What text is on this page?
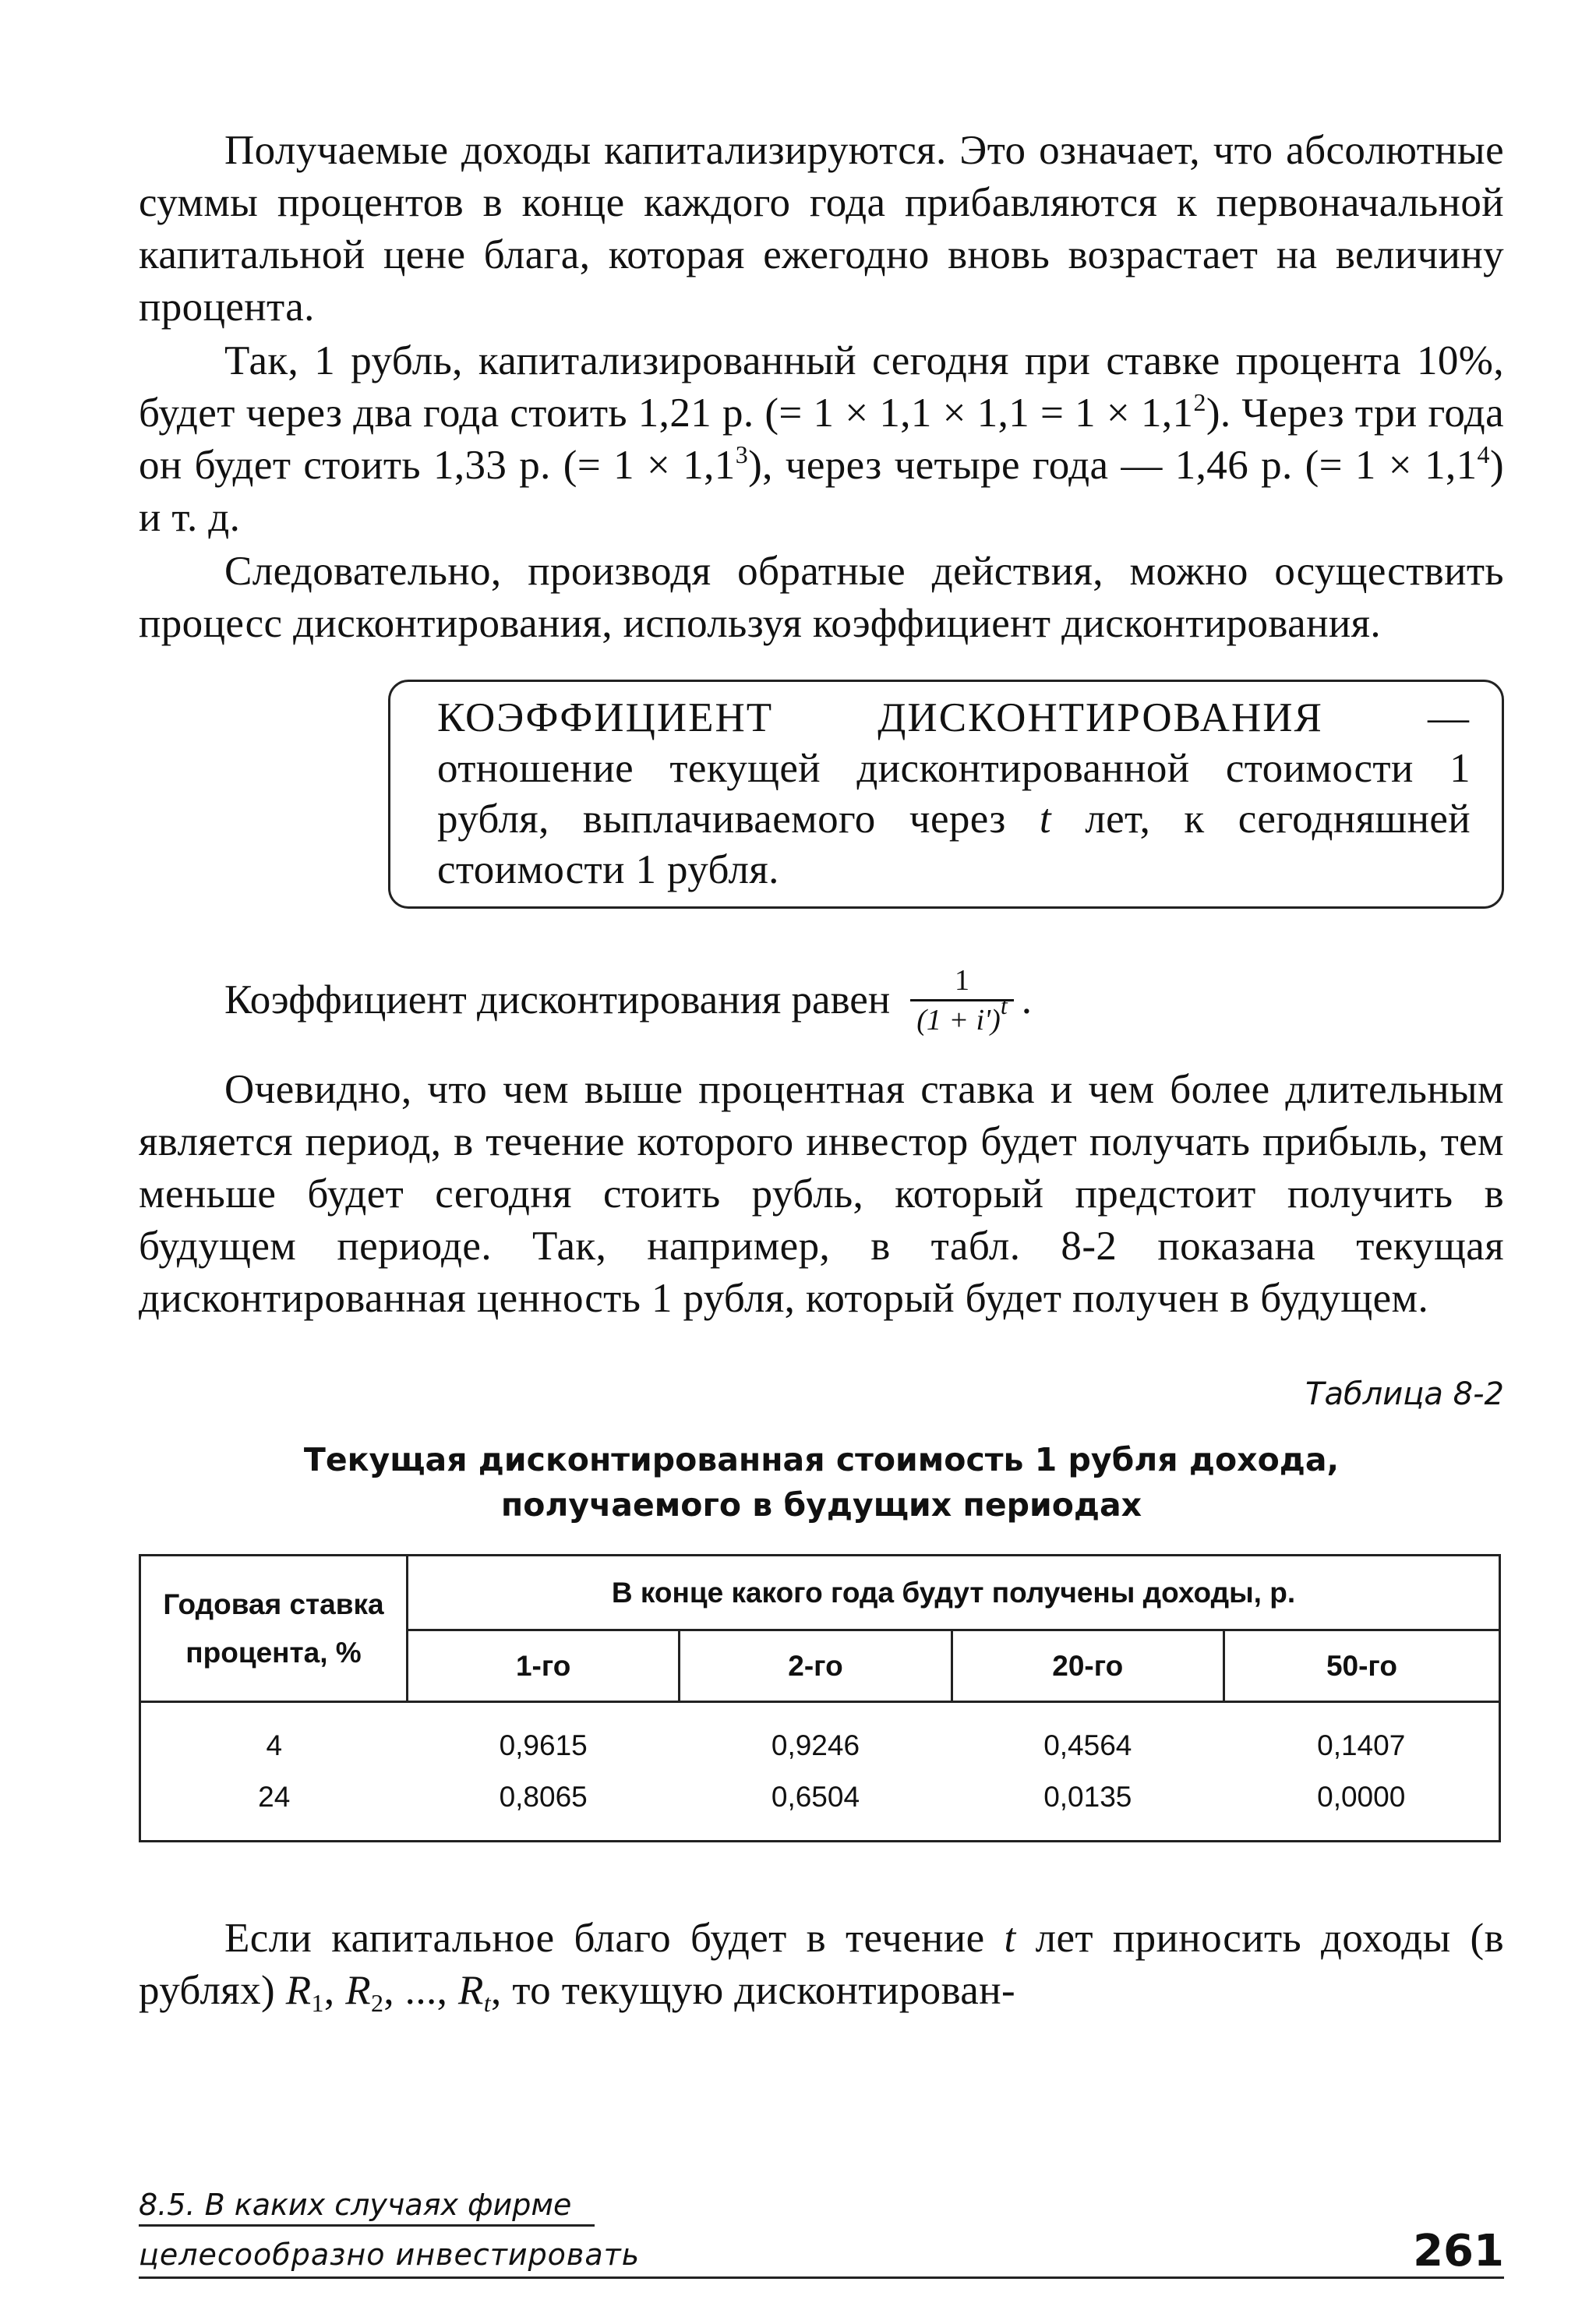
Получаемые доходы капитализируются. Это означает, что абсолютные суммы процентов в конце каждого года прибавляются к первоначальной капитальной цене блага, которая ежегодно вновь возрастает на величину процента.

Так, 1 рубль, капитализированный сегодня при ставке процента 10%, будет через два года стоить 1,21 р. (= $1 \times 1,1 \times 1,1 = 1 \times 1,1^2$). Через три года он будет стоить 1,33 р. (= $1 \times 1,1^3$), через четыре года — 1,46 р. (= $1 \times 1,1^4$) и т. д.

Следовательно, производя обратные действия, можно осуществить процесс дисконтирования, используя коэффициент дисконтирования.

КОЭФФИЦИЕНТ ДИСКОНТИРОВАНИЯ — отношение текущей дисконтированной стоимости 1 рубля, выплачиваемого через t лет, к сегодняшней стоимости 1 рубля.
Коэффициент дисконтирования равен $\frac{1}{(1 + i')^t}$ .

Очевидно, что чем выше процентная ставка и чем более длительным является период, в течение которого инвестор будет получать прибыль, тем меньше будет сегодня стоить рубль, который предстоит получить в будущем периоде. Так, например, в табл. 8-2 показана текущая дисконтированная ценность 1 рубля, который будет получен в будущем.

Таблица 8-2
Текущая дисконтированная стоимость 1 рубля дохода,
получаемого в будущих периодах
Годовая ставка
процента, %	В конце какого года будут получены доходы, р.			
	1-го	2-го	20-го	50-го
4	0,9615	0,9246	0,4564	0,1407
24	0,8065	0,6504	0,0135	0,0000

Если капитальное благо будет в течение t лет приносить доходы (в рублях) $R_1$, $R_2$, ..., $R_t$, то текущую дисконтирован-

8.5. В каких случаях фирме
целесообразно инвестировать	261
